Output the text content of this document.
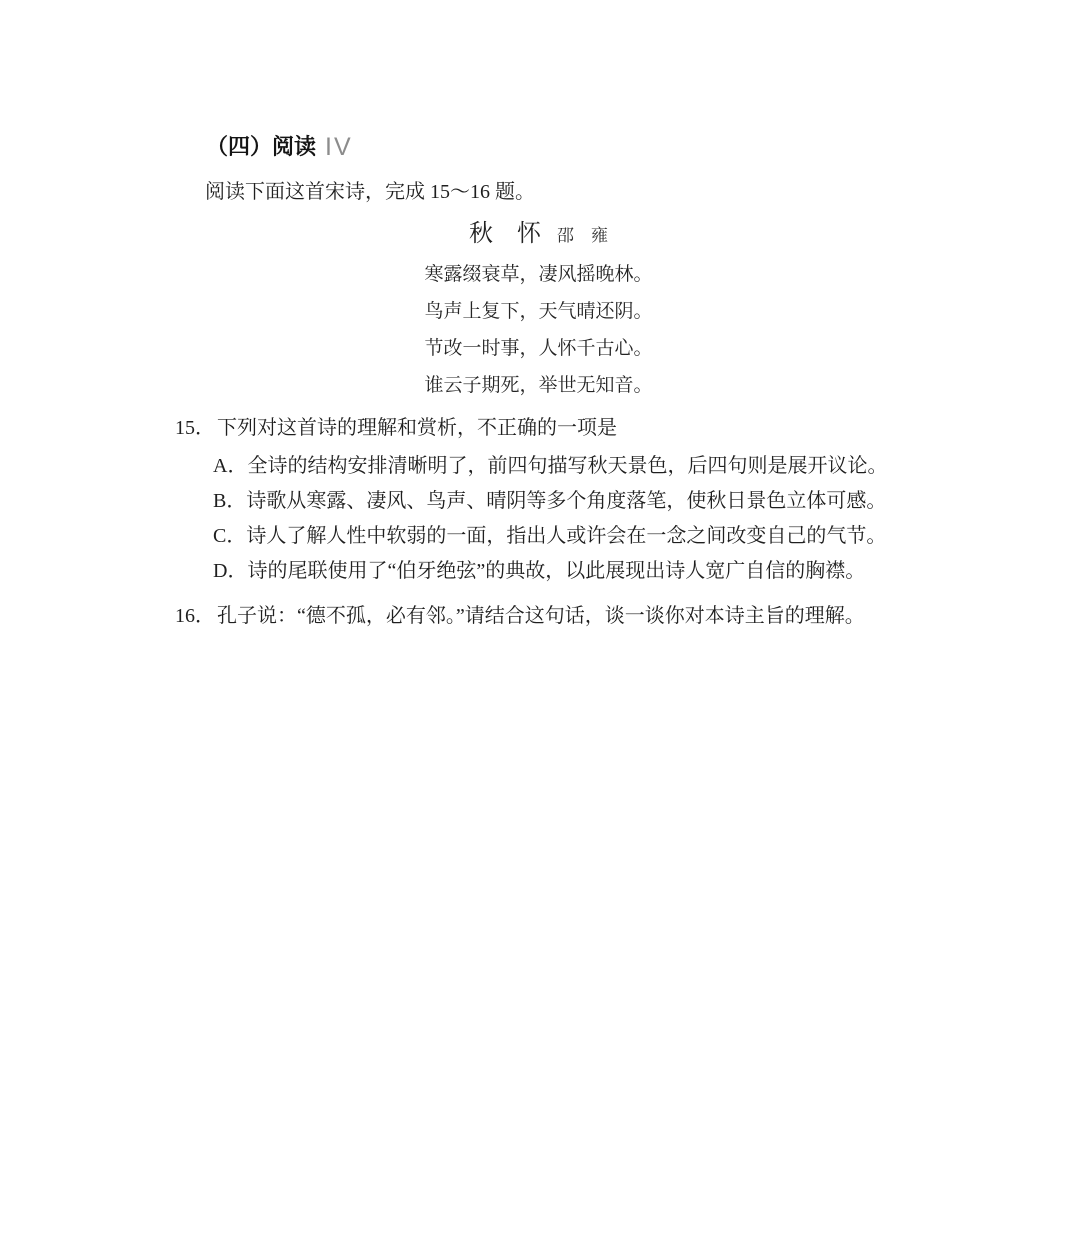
（四）阅读 IV

阅读下面这首宋诗，完成 15～16 题。

秋　怀 邵　雍

寒露缀衰草，凄风摇晚林。

鸟声上复下，天气晴还阴。

节改一时事，人怀千古心。

谁云子期死，举世无知音。

15． 下列对这首诗的理解和赏析，不正确的一项是
A．全诗的结构安排清晰明了，前四句描写秋天景色，后四句则是展开议论。
B．诗歌从寒露、凄风、鸟声、晴阴等多个角度落笔，使秋日景色立体可感。
C．诗人了解人性中软弱的一面，指出人或许会在一念之间改变自己的气节。
D．诗的尾联使用了“伯牙绝弦”的典故，以此展现出诗人宽广自信的胸襟。
16． 孔子说：“德不孤，必有邻。”请结合这句话，谈一谈你对本诗主旨的理解。
